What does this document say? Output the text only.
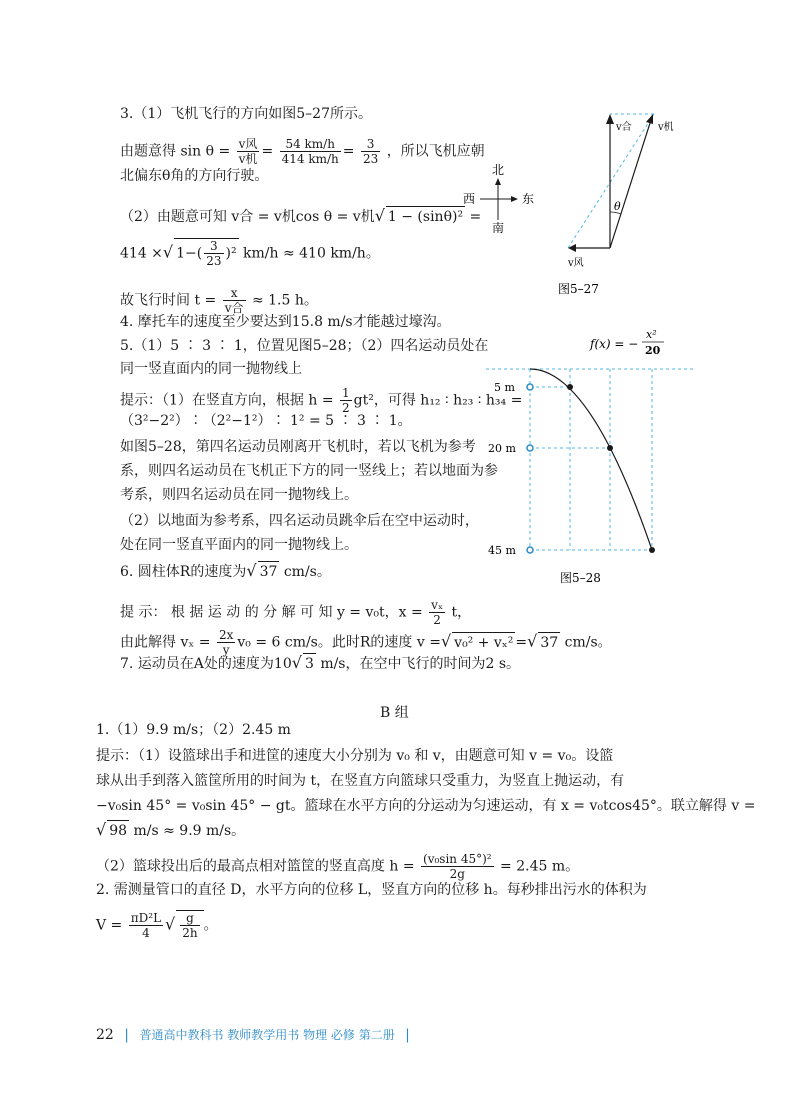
3.（1）飞机飞行的方向如图5–27所示。
由题意得 $\sin \theta = \frac{\text{v风}}{\text{v机}} = \frac{54 km/h}{414 km/h} = \frac{3}{23}$ ，所以飞机应朝
北偏东θ角的方向行驶。
（2）由题意可知 v合 = v机cos θ = v机√ 1 − (sinθ)² =
414 ×√ $1-( \frac{3}{23} )^2$ km/h ≈ 410 km/h。
故飞行时间 $t = \frac{x}{\text{v合}} \approx 1.5$ h。
4. 摩托车的速度至少要达到15.8 m/s才能越过壕沟。
5.（1）5 ∶ 3 ∶ 1，位置见图5–28；（2）四名运动员处在
同一竖直面内的同一抛物线上
提示：（1）在竖直方向，根据 $h = \frac{1}{2} gt^2$，可得 h₁₂ ∶ h₂₃ ∶ h₃₄ =
（3²−2²）∶（2²−1²）∶ 1² = 5 ∶ 3 ∶ 1。
如图5–28，第四名运动员刚离开飞机时，若以飞机为参考
系，则四名运动员在飞机正下方的同一竖线上；若以地面为参
考系，则四名运动员在同一抛物线上。
（2）以地面为参考系，四名运动员跳伞后在空中运动时，
处在同一竖直平面内的同一抛物线上。
6. 圆柱体R的速度为√ 37 cm/s。
提 示： 根 据 运 动 的 分 解 可 知 y = v₀t，$x = \frac{\text{vₓ}}{2}$ t，
由此解得 $v_x = \frac{2x}{y} v_0 = 6$ cm/s。此时R的速度 v =√ v₀² + vₓ² =√ 37 cm/s。
7. 运动员在A处的速度为10√ 3 m/s，在空中飞行的时间为2 s。
B 组
1.（1）9.9 m/s；（2）2.45 m
提示：（1）设篮球出手和进筐的速度大小分别为 v₀ 和 v，由题意可知 v = v₀。设篮
球从出手到落入篮筐所用的时间为 t，在竖直方向篮球只受重力，为竖直上抛运动，有
−v₀sin 45° = v₀sin 45° − gt。篮球在水平方向的分运动为匀速运动，有 x = v₀tcos45°。联立解得 v =
√ 98 m/s ≈ 9.9 m/s。
（2）篮球投出后的最高点相对篮筐的竖直高度 $h = \frac{\text{(v₀sin 45°)²}}{2g} = 2.45$ m。
2. 需测量管口的直径 D，水平方向的位移 L，竖直方向的位移 h。每秒排出污水的体积为
$V = \frac{\text{πD²L}}{4}$ √ $\frac{g}{2h}$ 。
北
南
东
西
θ
v合	v机
v风
图5–27
f(x) = −
x²
20
5 m
20 m
45 m
图5–28
22 | 普通高中教科书 教师教学用书 物理 必修 第二册 |
